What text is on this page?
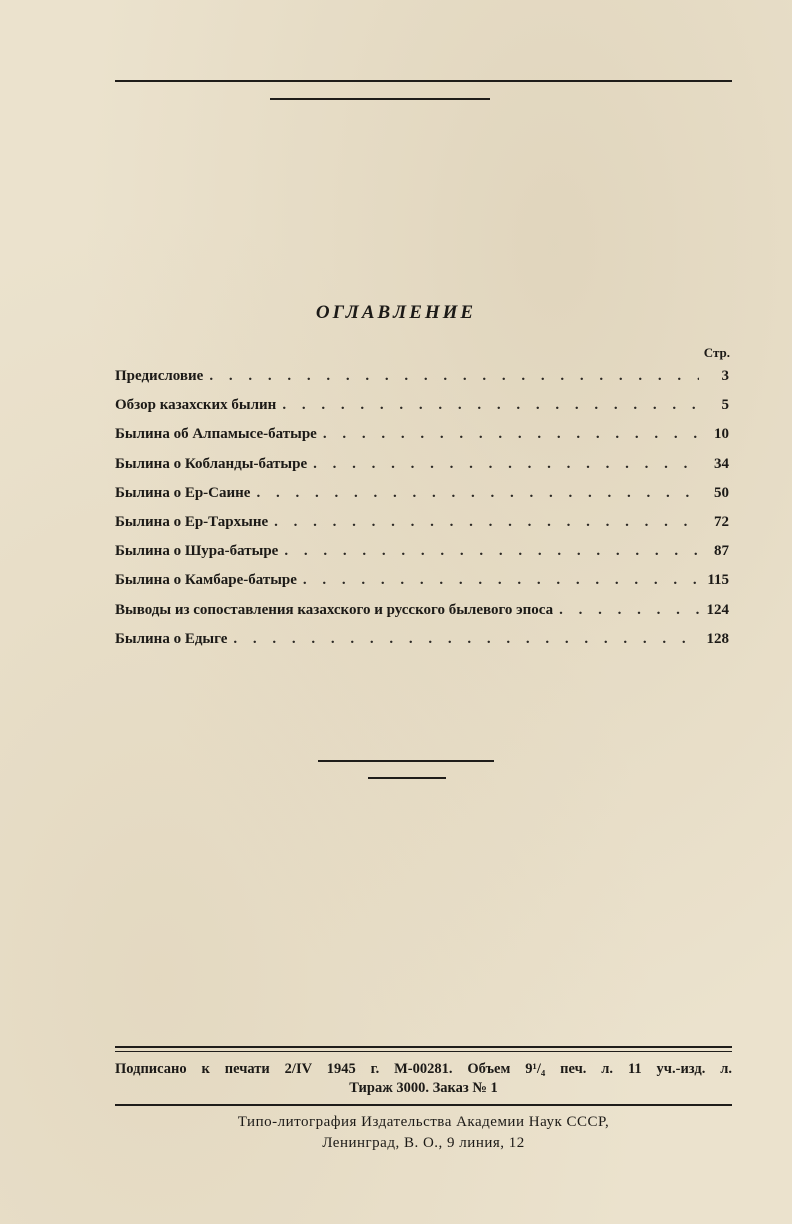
ОГЛАВЛЕНИЕ
Стр.
Предисловие . . .	3
Обзор казахских былин . . .	5
Былина об Алпамысе-батыре . . .	10
Былина о Кобланды-батыре . . .	34
Былина о Ер-Саине . . .	50
Былина о Ер-Тархыне . . .	72
Былина о Шура-батыре . . .	87
Былина о Камбаре-батыре . . .	115
Выводы из сопоставления казахского и русского былевого эпоса . . .	124
Былина о Едыге . . .	128
Подписано к печати 2/IV 1945 г. М-00281. Объем 9¹/₄ печ. л. 11 уч.-изд. л.
Тираж 3000. Заказ № 1
Типо-литография Издательства Академии Наук СССР,
Ленинград, В. О., 9 линия, 12
